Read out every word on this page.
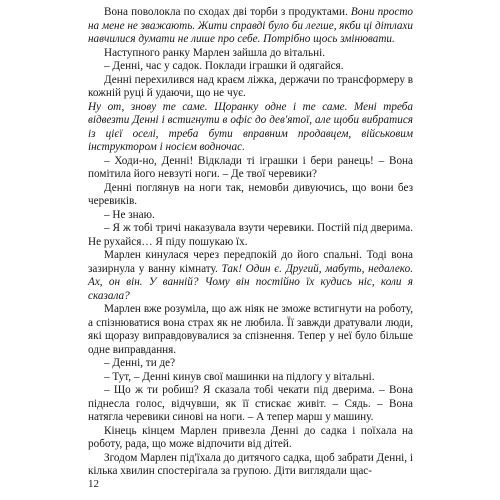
Вона поволокла по сходах дві торби з продуктами. Вони просто на мене не зважають. Жити справді було би легше, якби ці дітлахи навчилися думати не лише про себе. Потрібно щось змінювати.

Наступного ранку Марлен зайшла до вітальні.

– Денні, час у садок. Поклади іграшки й одягайся.

Денні перехилився над краєм ліжка, держачи по трансформеру в кожній руці й удаючи, що не чує.

Ну от, знову те саме. Щоранку одне і те саме. Мені треба відвезти Денні і встигнути в офіс до дев'ятої, але щоби вибратися із цієї оселі, треба бути вправним продавцем, військовим інструктором і носієм водночас.

– Ходи-но, Денні! Відклади ті іграшки і бери ранець! – Вона помітила його невзуті ноги. – Де твої черевики?

Денні поглянув на ноги так, немовби дивуючись, що вони без черевиків.

– Не знаю.

– Я ж тобі тричі наказувала взути черевики. Постій під дверима. Не рухайся… Я піду пошукаю їх.

Марлен кинулася через передпокій до його спальні. Тоді вона зазирнула у ванну кімнату. Так! Один є. Другий, мабуть, недалеко. Ах, он він. У ванній? Чому він постійно їх кудись ніс, коли я сказала?

Марлен вже розуміла, що аж ніяк не зможе встигнути на роботу, а спізнюватися вона страх як не любила. Її завжди дратували люди, які щоразу виправдовувалися за спізнення. Тепер у неї було більше одне виправдання.

– Денні, ти де?

– Тут, – Денні кинув свої машинки на підлогу у вітальні.

– Що ж ти робиш? Я сказала тобі чекати під дверима. – Вона піднесла голос, відчувши, як її стискає живіт. – Сядь. – Вона натягла черевики синові на ноги. – А тепер марш у машину.

Кінець кінцем Марлен привезла Денні до садка і поїхала на роботу, рада, що може відпочити від дітей.

Згодом Марлен під'їхала до дитячого садка, щоб забрати Денні, і кілька хвилин спостерігала за групою. Діти виглядали щас-

12
